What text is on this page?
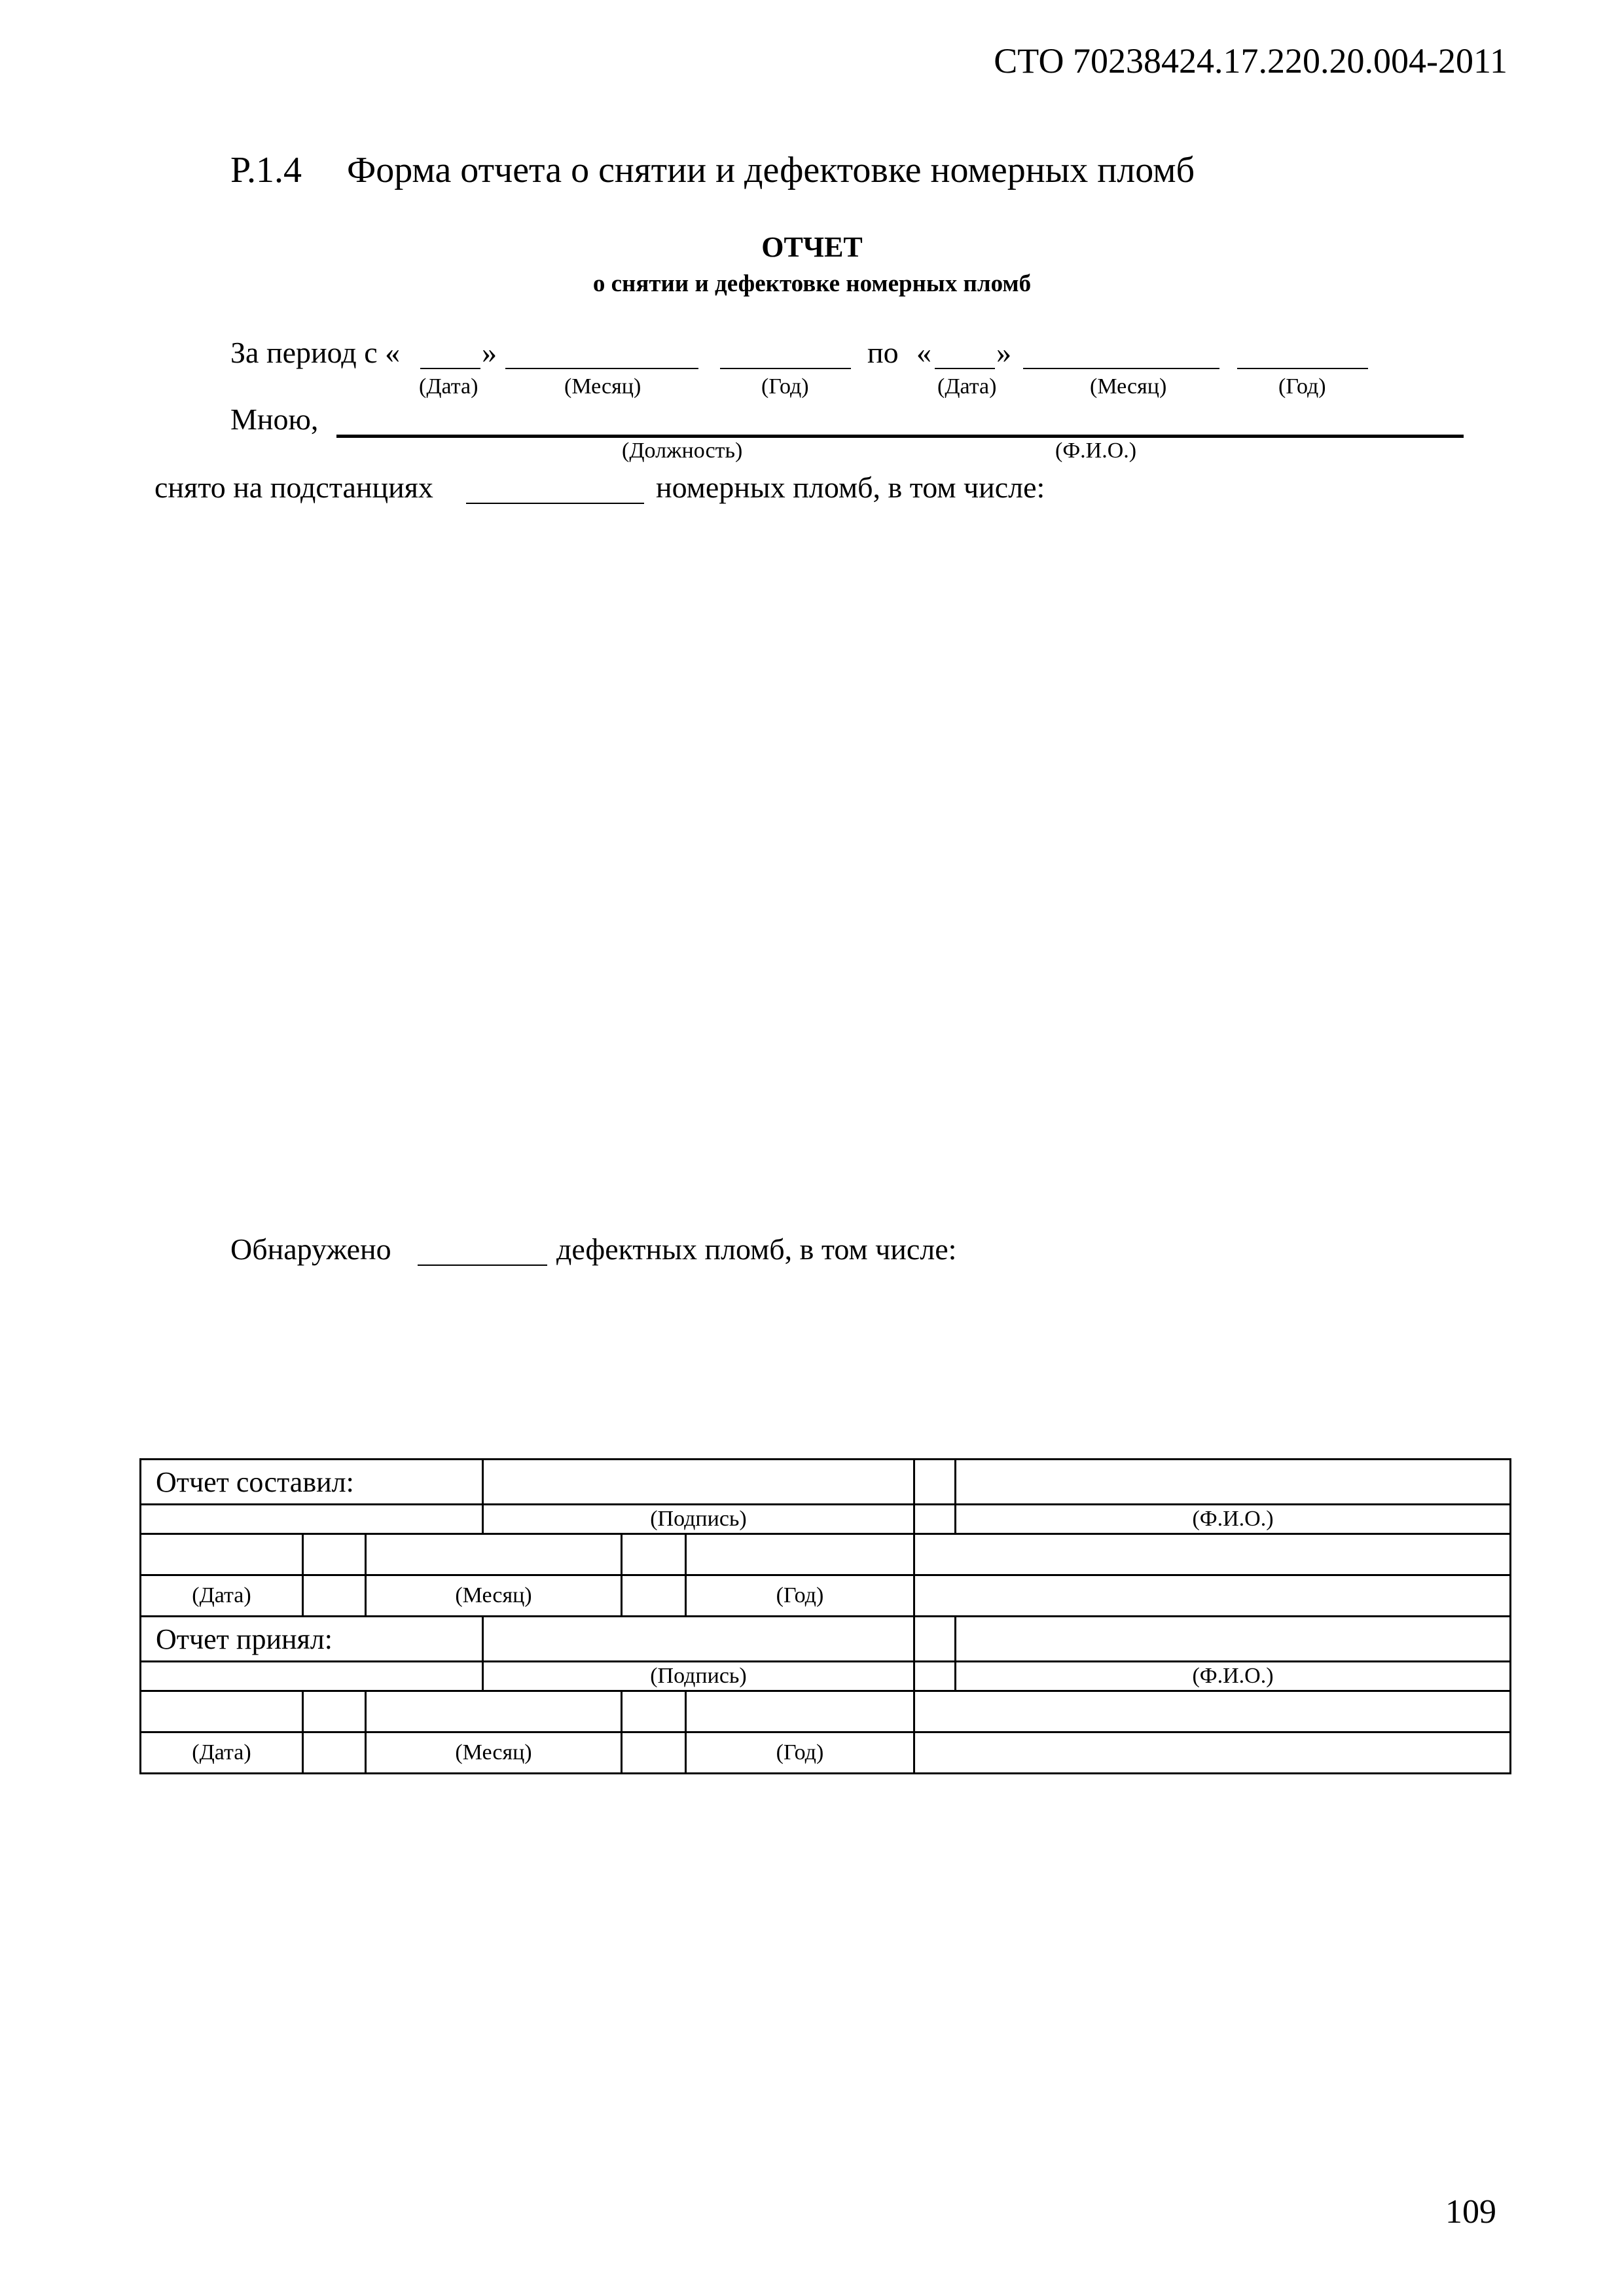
СТО 70238424.17.220.20.004-2011
P.1.4 Форма отчета о снятии и дефектовке номерных пломб
ОТЧЕТ
о снятии и дефектовке номерных пломб
За период с «	»	по « »
(Дата)	(Месяц)	(Год)	(Дата)	(Месяц)	(Год)
Мною,
(Должность)	(Ф.И.О.)
снято на подстанциях	номерных пломб, в том числе:
Обнаружено	дефектных пломб, в том числе:
Отчет составил:							
			(Подпись)				(Ф.И.О.)

(Дата)		(Месяц)			(Год)		
Отчет принял:							
			(Подпись)				(Ф.И.О.)

(Дата)		(Месяц)			(Год)		
109
